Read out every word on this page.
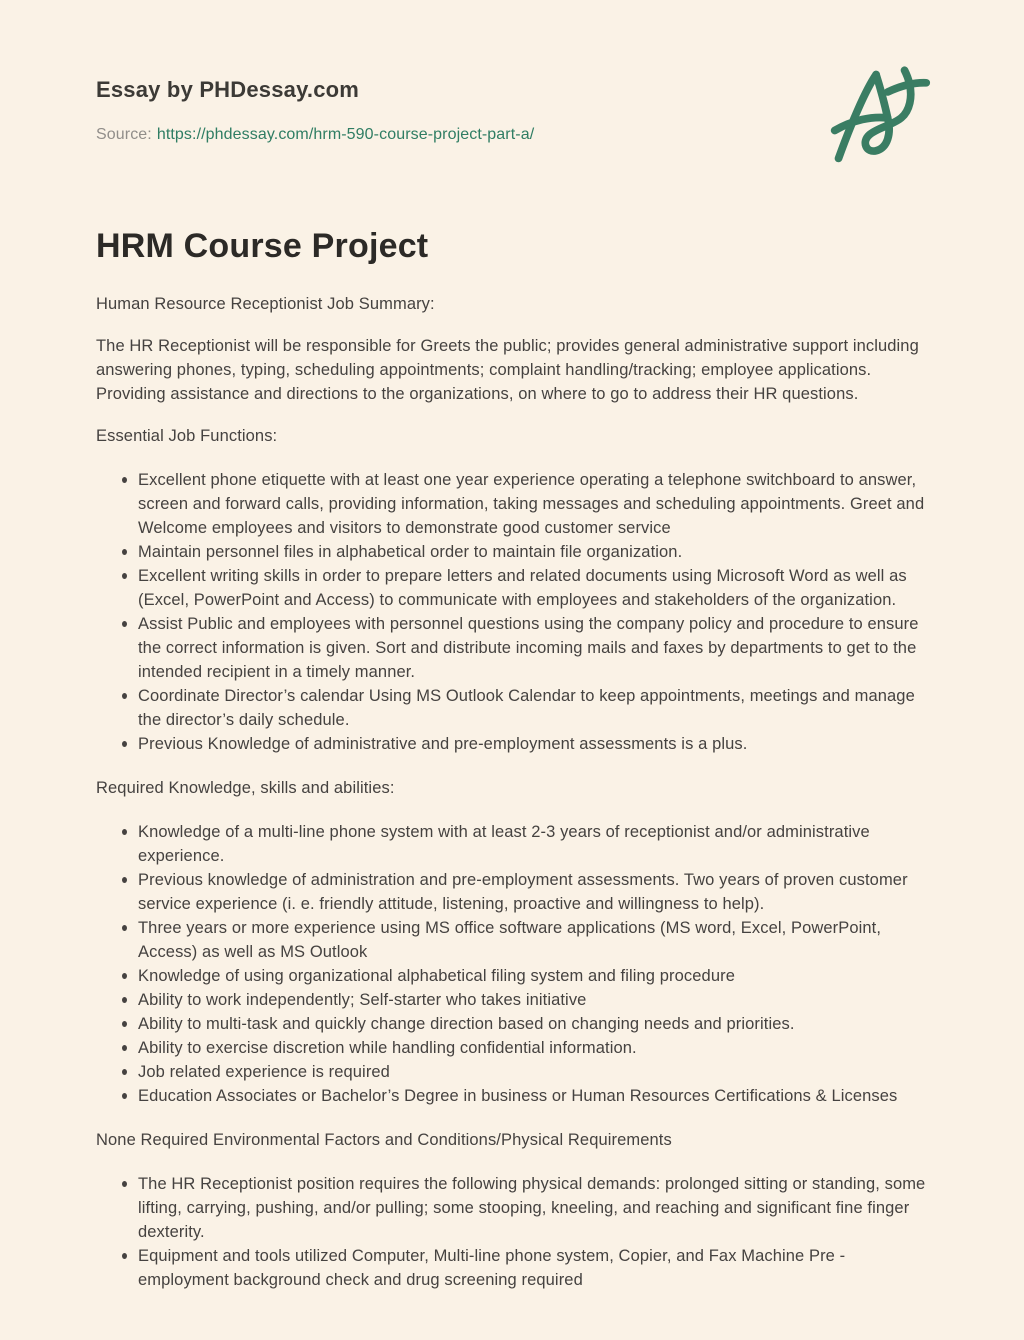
Essay by PHDessay.com
Source: https://phdessay.com/hrm-590-course-project-part-a/
HRM Course Project

Human Resource Receptionist Job Summary:

The HR Receptionist will be responsible for Greets the public; provides general administrative support including answering phones, typing, scheduling appointments; complaint handling/tracking; employee applications. Providing assistance and directions to the organizations, on where to go to address their HR questions.

Essential Job Functions:

Excellent phone etiquette with at least one year experience operating a telephone switchboard to answer, screen and forward calls, providing information, taking messages and scheduling appointments. Greet and Welcome employees and visitors to demonstrate good customer service
Maintain personnel files in alphabetical order to maintain file organization.
Excellent writing skills in order to prepare letters and related documents using Microsoft Word as well as (Excel, PowerPoint and Access) to communicate with employees and stakeholders of the organization.
Assist Public and employees with personnel questions using the company policy and procedure to ensure the correct information is given. Sort and distribute incoming mails and faxes by departments to get to the intended recipient in a timely manner.
Coordinate Director’s calendar Using MS Outlook Calendar to keep appointments, meetings and manage the director’s daily schedule.
Previous Knowledge of administrative and pre-employment assessments is a plus.

Required Knowledge, skills and abilities:

Knowledge of a multi-line phone system with at least 2-3 years of receptionist and/or administrative experience.
Previous knowledge of administration and pre-employment assessments. Two years of proven customer service experience (i. e. friendly attitude, listening, proactive and willingness to help).
Three years or more experience using MS office software applications (MS word, Excel, PowerPoint, Access) as well as MS Outlook
Knowledge of using organizational alphabetical filing system and filing procedure
Ability to work independently; Self-starter who takes initiative
Ability to multi-task and quickly change direction based on changing needs and priorities.
Ability to exercise discretion while handling confidential information.
Job related experience is required
Education Associates or Bachelor’s Degree in business or Human Resources Certifications & Licenses

None Required Environmental Factors and Conditions/Physical Requirements

The HR Receptionist position requires the following physical demands: prolonged sitting or standing, some lifting, carrying, pushing, and/or pulling; some stooping, kneeling, and reaching and significant fine finger dexterity.
Equipment and tools utilized Computer, Multi-line phone system, Copier, and Fax Machine Pre -employment background check and drug screening required
